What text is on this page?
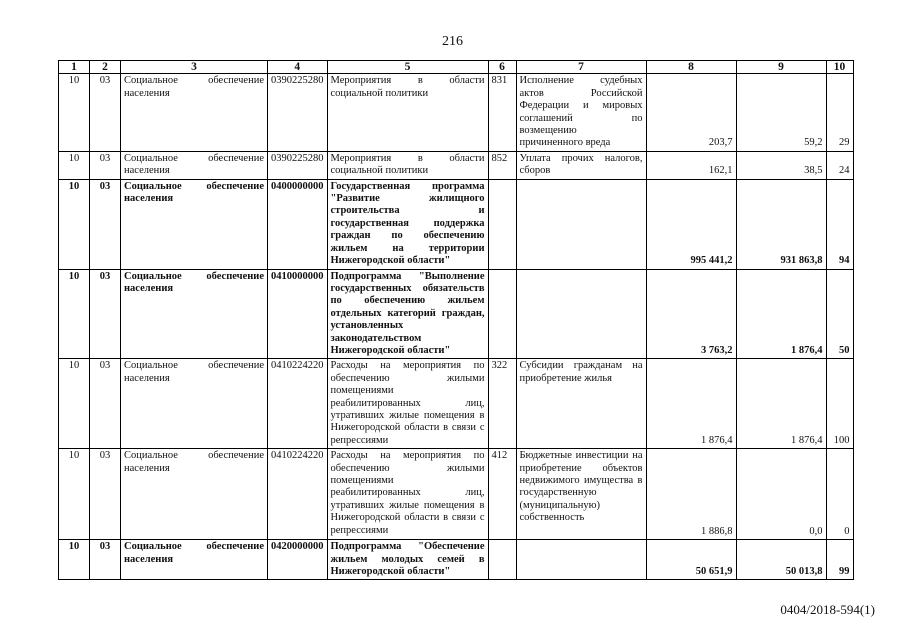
216
1	2	3	4	5	6	7	8	9	10
10	03	Социальное обеспечение населения	0390225280	Мероприятия в области социальной политики	831	Исполнение судебных актов Российской Федерации и мировых соглашений по возмещению причиненного вреда	203,7	59,2	29
10	03	Социальное обеспечение населения	0390225280	Мероприятия в области социальной политики	852	Уплата прочих налогов, сборов	162,1	38,5	24
10	03	Социальное обеспечение населения	0400000000	Государственная программа "Развитие жилищного строительства и государственная поддержка граждан по обеспечению жильем на территории Нижегородской области"			995 441,2	931 863,8	94
10	03	Социальное обеспечение населения	0410000000	Подпрограмма "Выполнение государственных обязательств по обеспечению жильем отдельных категорий граждан, установленных законодательством Нижегородской области"			3 763,2	1 876,4	50
10	03	Социальное обеспечение населения	0410224220	Расходы на мероприятия по обеспечению жилыми помещениями реабилитированных лиц, утративших жилые помещения в Нижегородской области в связи с репрессиями	322	Субсидии гражданам на приобретение жилья	1 876,4	1 876,4	100
10	03	Социальное обеспечение населения	0410224220	Расходы на мероприятия по обеспечению жилыми помещениями реабилитированных лиц, утративших жилые помещения в Нижегородской области в связи с репрессиями	412	Бюджетные инвестиции на приобретение объектов недвижимого имущества в государственную (муниципальную) собственность	1 886,8	0,0	0
10	03	Социальное обеспечение населения	0420000000	Подпрограмма "Обеспечение жильем молодых семей в Нижегородской области"			50 651,9	50 013,8	99
0404/2018-594(1)
